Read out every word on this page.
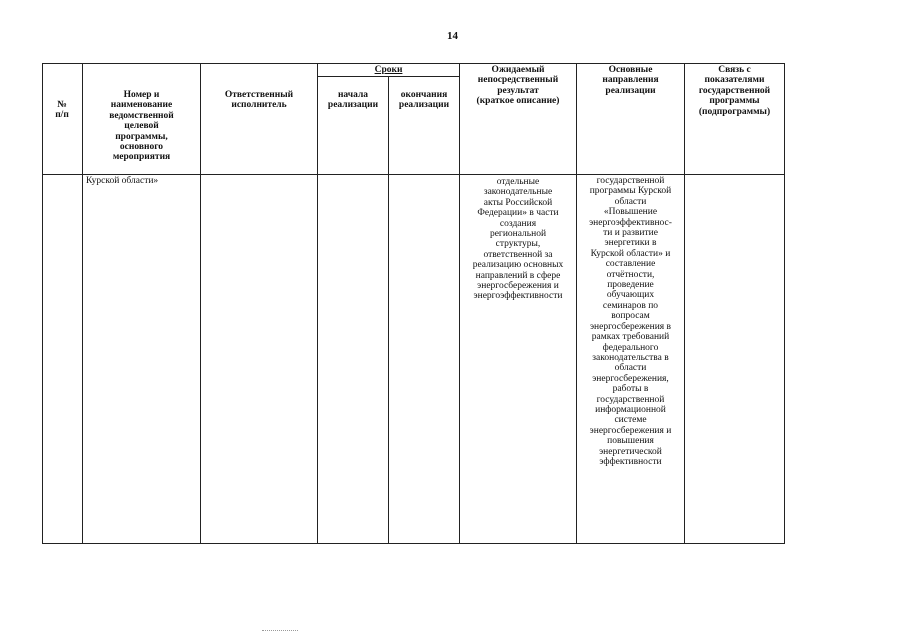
14
№
п/п
Номер и
наименование
ведомственной
целевой
программы,
основного
мероприятия
Ответственный
исполнитель
Сроки
начала
реализации
окончания
реализации
Ожидаемый
непосредственный
результат
(краткое описание)
Основные
направления
реализации
Связь с
показателями
государственной
программы
(подпрограммы)
Курской области»	отдельные
законодательные
акты Российской
Федерации» в части
создания
региональной
структуры,
ответственной за
реализацию основных
направлений в сфере
энергосбережения и
энергоэффективности
государственной
программы Курской
области
«Повышение
энергоэффективнос-
ти и развитие
энергетики в
Курской области» и
составление
отчётности,
проведение
обучающих
семинаров по
вопросам
энергосбережения в
рамках требований
федерального
законодательства в
области
энергосбережения,
работы в
государственной
информационной
системе
энергосбережения и
повышения
энергетической
эффективности
